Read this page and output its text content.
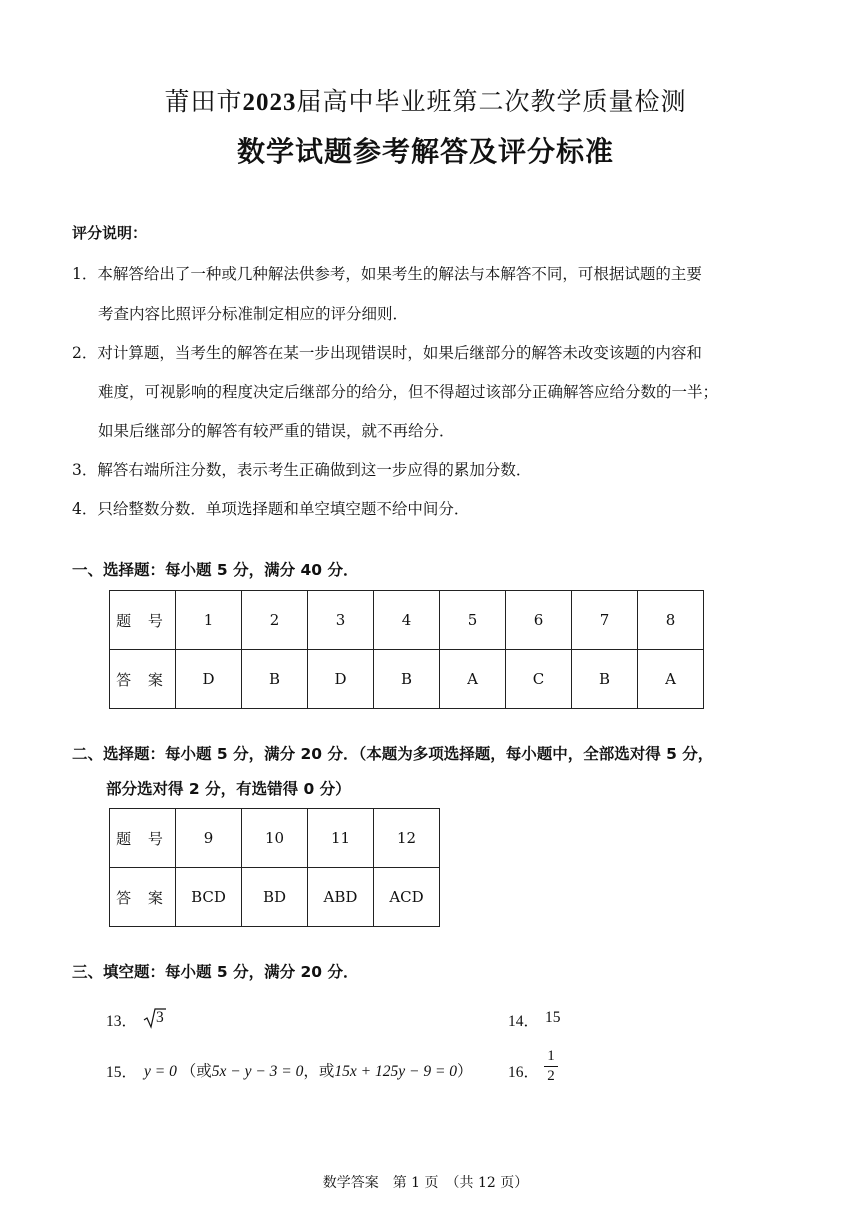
莆田市2023届高中毕业班第二次教学质量检测
数学试题参考解答及评分标准
评分说明：
1．本解答给出了一种或几种解法供参考，如果考生的解法与本解答不同，可根据试题的主要
考查内容比照评分标准制定相应的评分细则．
2．对计算题，当考生的解答在某一步出现错误时，如果后继部分的解答未改变该题的内容和
难度，可视影响的程度决定后继部分的给分，但不得超过该部分正确解答应给分数的一半；
如果后继部分的解答有较严重的错误，就不再给分．
3．解答右端所注分数，表示考生正确做到这一步应得的累加分数．
4．只给整数分数．单项选择题和单空填空题不给中间分．
一、选择题：每小题 5 分，满分 40 分．
题 号	1	2	3	4	5	6	7	8
答 案	D	B	D	B	A	C	B	A
二、选择题：每小题 5 分，满分 20 分．（本题为多项选择题，每小题中，全部选对得 5 分，
部分选对得 2 分，有选错得 0 分）
题 号	9	10	11	12
答 案	BCD	BD	ABD	ACD
三、填空题：每小题 5 分，满分 20 分．
13． 3	14． 15
15． y = 0 （或5x − y − 3 = 0，或15x + 125y − 9 = 0） 16．
1
2
数学答案　第 1 页　（共 12 页）
